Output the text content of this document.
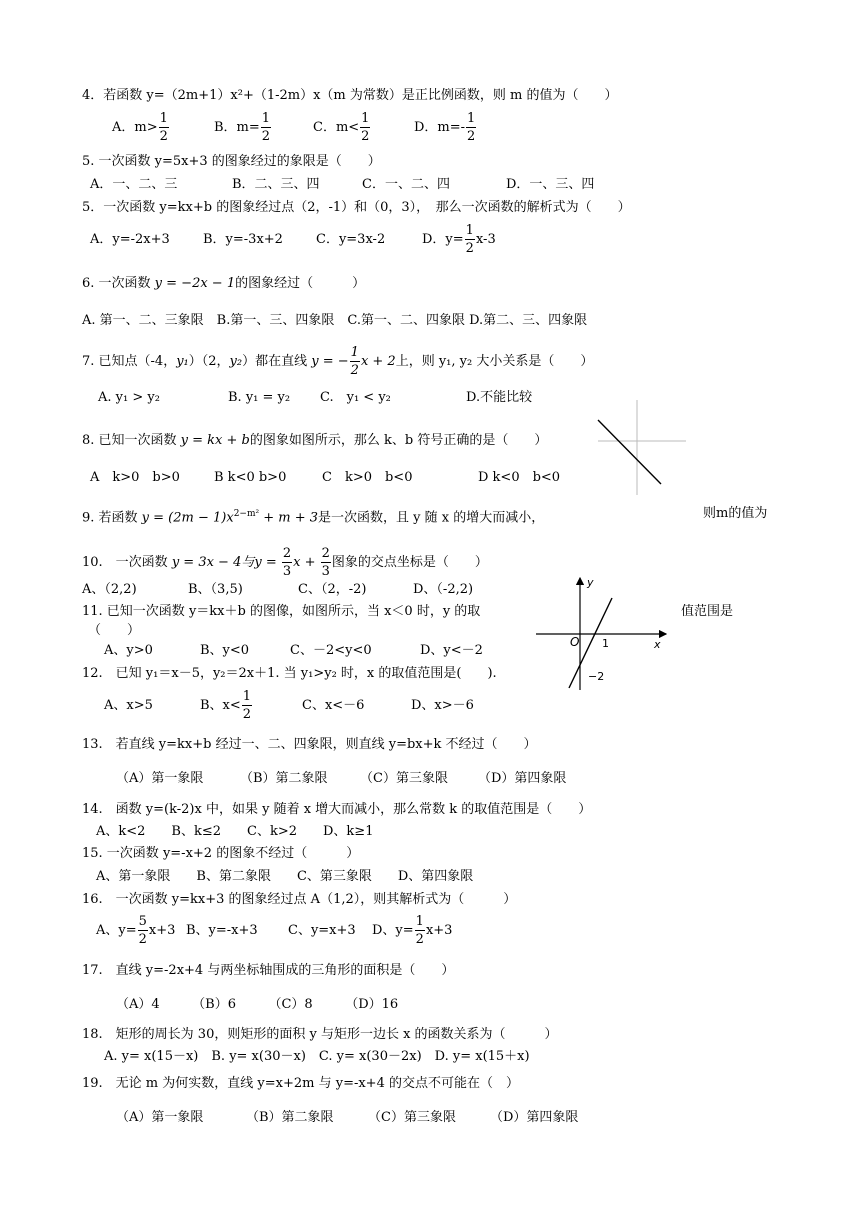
4．若函数 y=（2m+1）x²+（1-2m）x（m 为常数）是正比例函数，则 m 的值为（　　）
A．$m> \frac{1}{2}$	B．$m= \frac{1}{2}$	C．$m< \frac{1}{2}$	D．$m=- \frac{1}{2}$
5. 一次函数 y=5x+3 的图象经过的象限是（　　）
A．一、二、三	B．二、三、四	C．一、二、四	D．一、三、四
5．一次函数 y=kx+b 的图象经过点（2，-1）和（0，3），　那么一次函数的解析式为（　　）
A．y=-2x+3	B．y=-3x+2	C．y=3x-2	D．$y= \frac{1}{2} x-3$
6. 一次函数 y = −2x − 1的图象经过（　　　）
A. 第一、二、三象限　B.第一、三、四象限　C.第一、二、四象限 D.第二、三、四象限
7. 已知点（-4，y₁）（2，y₂）都在直线 y = − $\frac{1}{2}$ x + 2上，则 y₁, y₂ 大小关系是（　　）
A. y₁ > y₂	B. y₁ = y₂ C.　y₁ < y₂	D.不能比较
8. 已知一次函数 y = kx + b的图象如图所示，那么 k、b 符号正确的是（　　）
A　k>0　b>0	B k<0 b>0	C　k>0　b<0	D k<0　b<0
9. 若函数 $y = (2m - 1)x^{2-m^2} + m + 3$是一次函数，且 y 随 x 的增大而减小，	则m的值为
10.　一次函数 y = 3x − 4与$y = \frac{2}{3}$ $x + \frac{2}{3}$ 图象的交点坐标是（　　）
A、（2,2)	B、（3,5)	C、（2，-2)	D、（-2,2)
11. 已知一次函数 y＝kx＋b 的图像，如图所示，当 x＜0 时，y 的取	值范围是
（　　）
A、y>0	B、y<0	C、－2<y<0	D、y<－2
y
x
O 1
−2
12.　已知 y₁＝x－5，y₂＝2x＋1. 当 y₁>y₂ 时，x 的取值范围是(　　).
A、x>5	B、$x< \frac{1}{2}$	C、x<－6	D、x>－6
13.　若直线 y=kx+b 经过一、二、四象限，则直线 y=bx+k 不经过（　　）
（A）第一象限	（B）第二象限 （C）第三象限 （D）第四象限
14.　函数 y=(k-2)x 中，如果 y 随着 x 增大而减小，那么常数 k 的取值范围是（　　）
A、k<2　　B、k≤2　　C、k>2　　D、k≥1
15. 一次函数 y=-x+2 的图象不经过（　　　）
A、第一象限　　B、第二象限　　C、第三象限　　D、第四象限
16.　一次函数 y=kx+3 的图象经过点 A（1,2），则其解析式为（　　　）
A、$y= \frac{5}{2} x+3$ B、y=-x+3 C、y=x+3 D、$y= \frac{1}{2} x+3$
17.　直线 y=-2x+4 与两坐标轴围成的三角形的面积是（　　）
（A）4　　　（B）6　　　（C）8　　　（D）16
18.　矩形的周长为 30，则矩形的面积 y 与矩形一边长 x 的函数关系为（　　　）
A. y= x(15－x)　B. y= x(30－x)　C. y= x(30－2x)　D. y= x(15＋x)
19.　无论 m 为何实数，直线 y=x+2m 与 y=-x+4 的交点不可能在（　）
（A）第一象限	（B）第二象限	（C）第三象限	（D）第四象限
